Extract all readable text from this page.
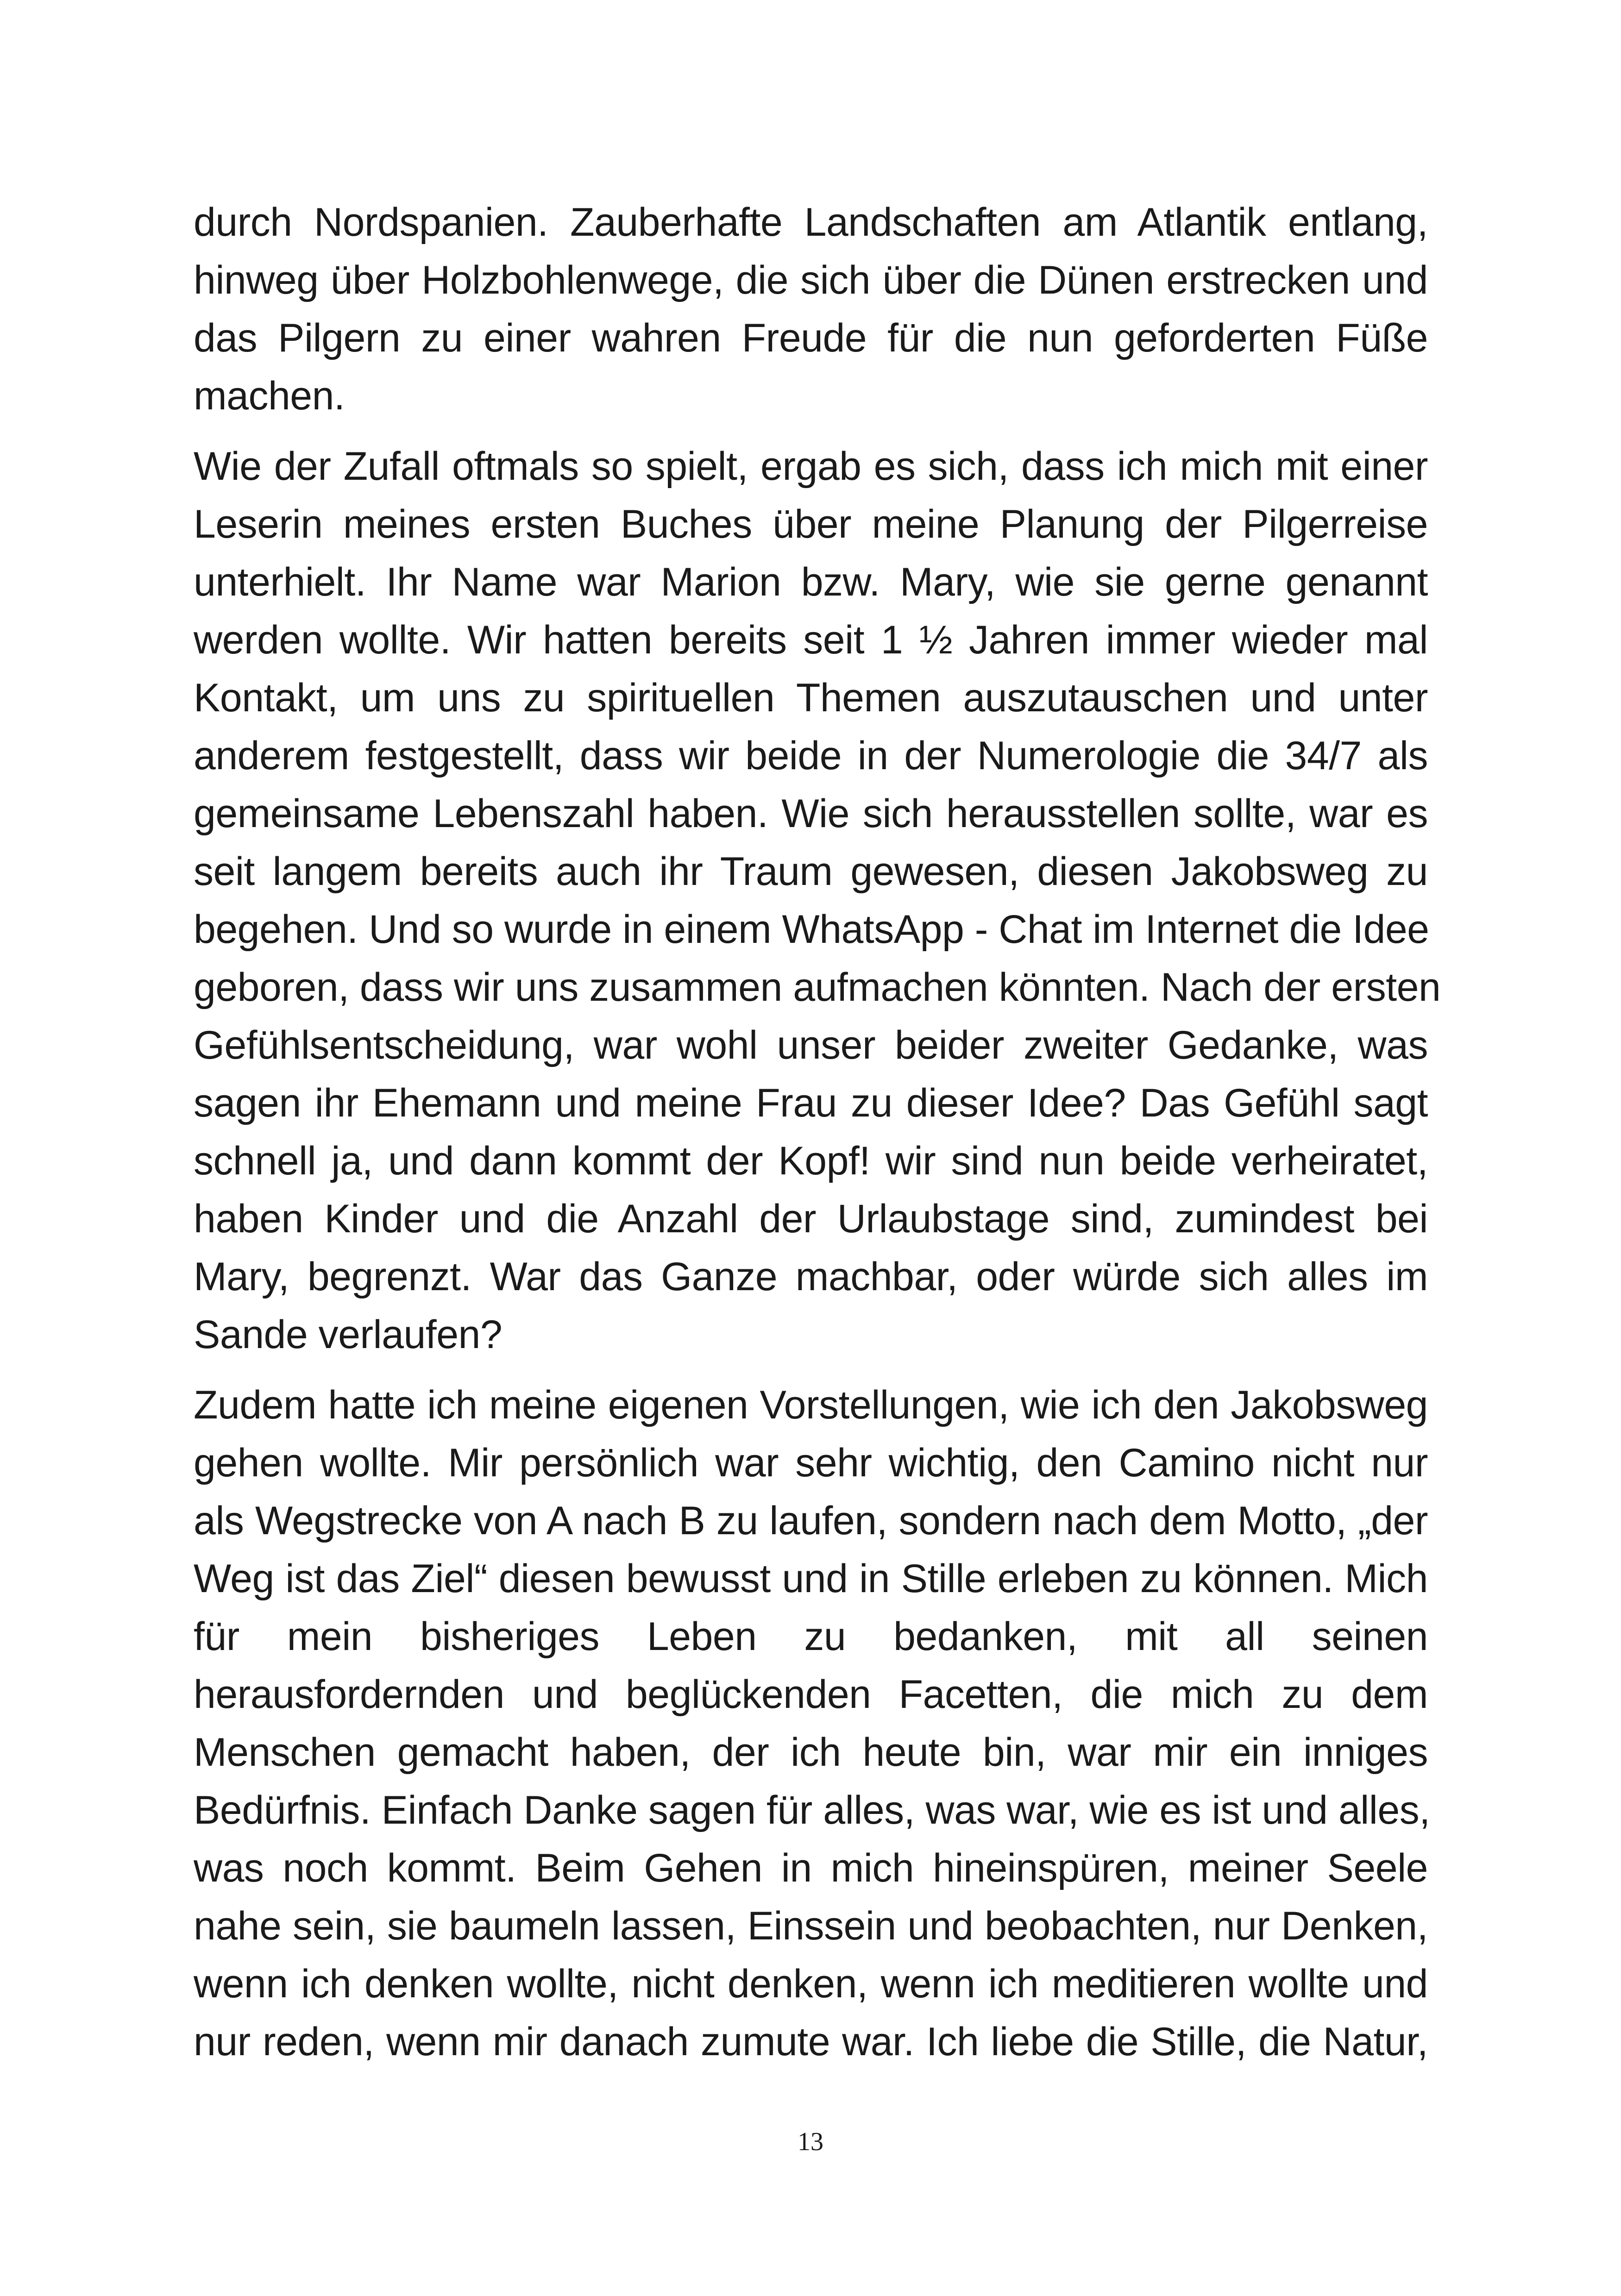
durch Nordspanien. Zauberhafte Landschaften am Atlantik entlang,
hinweg über Holzbohlenwege, die sich über die Dünen erstrecken und
das Pilgern zu einer wahren Freude für die nun geforderten Füße
machen.

Wie der Zufall oftmals so spielt, ergab es sich, dass ich mich mit einer
Leserin meines ersten Buches über meine Planung der Pilgerreise
unterhielt. Ihr Name war Marion bzw. Mary, wie sie gerne genannt
werden wollte. Wir hatten bereits seit 1 ½ Jahren immer wieder mal
Kontakt, um uns zu spirituellen Themen auszutauschen und unter
anderem festgestellt, dass wir beide in der Numerologie die 34/7 als
gemeinsame Lebenszahl haben. Wie sich herausstellen sollte, war es
seit langem bereits auch ihr Traum gewesen, diesen Jakobsweg zu
begehen. Und so wurde in einem WhatsApp - Chat im Internet die Idee
geboren, dass wir uns zusammen aufmachen könnten. Nach der ersten
Gefühlsentscheidung, war wohl unser beider zweiter Gedanke, was
sagen ihr Ehemann und meine Frau zu dieser Idee? Das Gefühl sagt
schnell ja, und dann kommt der Kopf! wir sind nun beide verheiratet,
haben Kinder und die Anzahl der Urlaubstage sind, zumindest bei
Mary, begrenzt. War das Ganze machbar, oder würde sich alles im
Sande verlaufen?

Zudem hatte ich meine eigenen Vorstellungen, wie ich den Jakobsweg
gehen wollte. Mir persönlich war sehr wichtig, den Camino nicht nur
als Wegstrecke von A nach B zu laufen, sondern nach dem Motto, „der
Weg ist das Ziel“ diesen bewusst und in Stille erleben zu können. Mich
für mein bisheriges Leben zu bedanken, mit all seinen
herausfordernden und beglückenden Facetten, die mich zu dem
Menschen gemacht haben, der ich heute bin, war mir ein inniges
Bedürfnis. Einfach Danke sagen für alles, was war, wie es ist und alles,
was noch kommt. Beim Gehen in mich hineinspüren, meiner Seele
nahe sein, sie baumeln lassen, Einssein und beobachten, nur Denken,
wenn ich denken wollte, nicht denken, wenn ich meditieren wollte und
nur reden, wenn mir danach zumute war. Ich liebe die Stille, die Natur,

13
